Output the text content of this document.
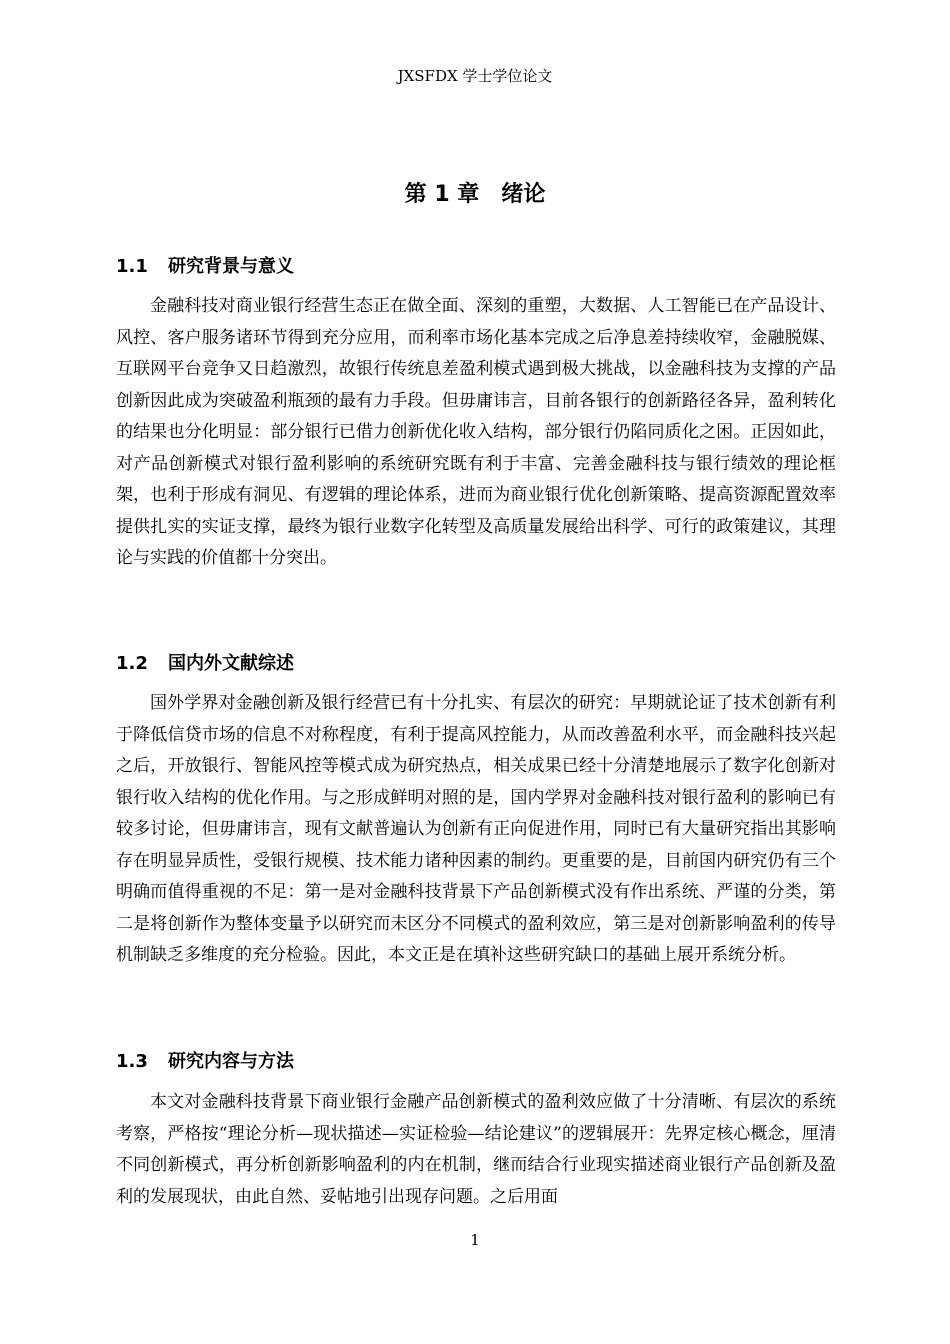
JXSFDX 学士学位论文
第 1 章 绪论
1.1 研究背景与意义

金融科技对商业银行经营生态正在做全面、深刻的重塑，大数据、人工智能已在产品设计、风控、客户服务诸环节得到充分应用，而利率市场化基本完成之后净息差持续收窄，金融脱媒、互联网平台竞争又日趋激烈，故银行传统息差盈利模式遇到极大挑战，以金融科技为支撑的产品创新因此成为突破盈利瓶颈的最有力手段。但毋庸讳言，目前各银行的创新路径各异，盈利转化的结果也分化明显：部分银行已借力创新优化收入结构，部分银行仍陷同质化之困。正因如此，对产品创新模式对银行盈利影响的系统研究既有利于丰富、完善金融科技与银行绩效的理论框架，也利于形成有洞见、有逻辑的理论体系，进而为商业银行优化创新策略、提高资源配置效率提供扎实的实证支撑，最终为银行业数字化转型及高质量发展给出科学、可行的政策建议，其理论与实践的价值都十分突出。

1.2 国内外文献综述

国外学界对金融创新及银行经营已有十分扎实、有层次的研究：早期就论证了技术创新有利于降低信贷市场的信息不对称程度，有利于提高风控能力，从而改善盈利水平，而金融科技兴起之后，开放银行、智能风控等模式成为研究热点，相关成果已经十分清楚地展示了数字化创新对银行收入结构的优化作用。与之形成鲜明对照的是，国内学界对金融科技对银行盈利的影响已有较多讨论，但毋庸讳言，现有文献普遍认为创新有正向促进作用，同时已有大量研究指出其影响存在明显异质性，受银行规模、技术能力诸种因素的制约。更重要的是，目前国内研究仍有三个明确而值得重视的不足：第一是对金融科技背景下产品创新模式没有作出系统、严谨的分类，第二是将创新作为整体变量予以研究而未区分不同模式的盈利效应，第三是对创新影响盈利的传导机制缺乏多维度的充分检验。因此，本文正是在填补这些研究缺口的基础上展开系统分析。

1.3 研究内容与方法

本文对金融科技背景下商业银行金融产品创新模式的盈利效应做了十分清晰、有层次的系统考察，严格按“理论分析—现状描述—实证检验—结论建议”的逻辑展开：先界定核心概念，厘清不同创新模式，再分析创新影响盈利的内在机制，继而结合行业现实描述商业银行产品创新及盈利的发展现状，由此自然、妥帖地引出现存问题。之后用面

1
